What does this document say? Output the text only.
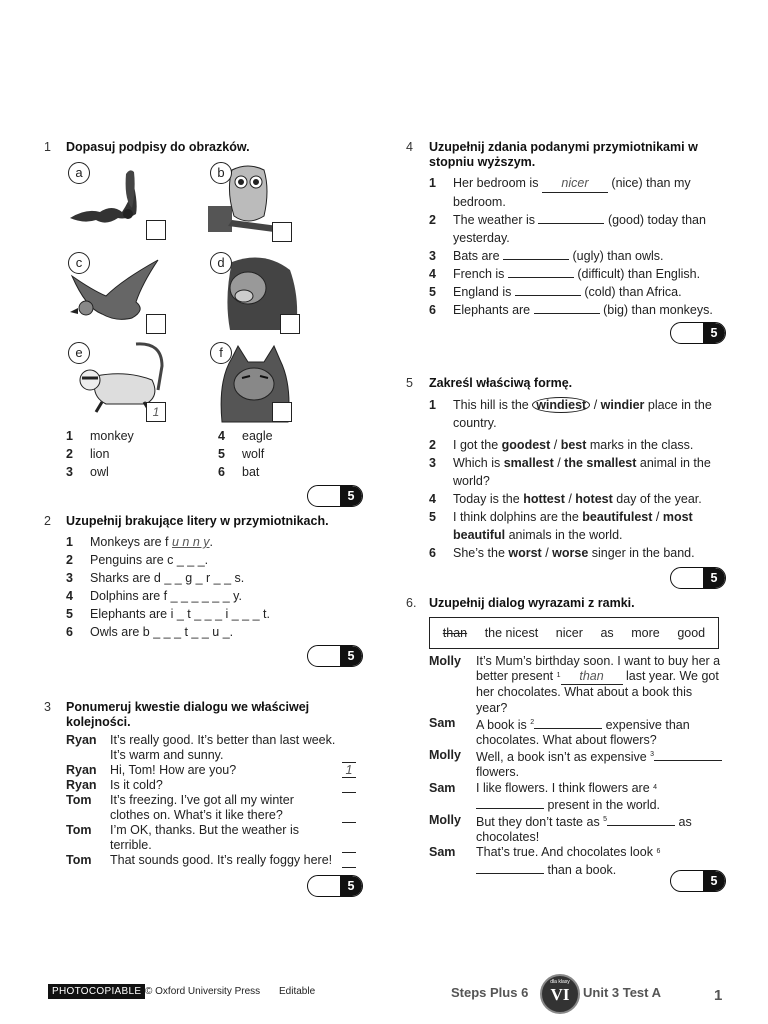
1 Dopasuj podpisy do obrazków.
a	b
c	d
e
1
f
1 monkey	4 eagle
2 lion	5 wolf
3 owl	6 bat
5
2 Uzupełnij brakujące litery w przymiotnikach.
1 Monkeys are f u n n y.
2 Penguins are c _ _ _.
3 Sharks are d _ _ g _ r _ _ s.
4 Dolphins are f _ _ _ _ _ _ y.
5 Elephants are i _ t _ _ _ i _ _ _ t.
6 Owls are b _ _ _ t _ _ u _.
5
3 Ponumeruj kwestie dialogu we właściwej kolejności.
Ryan It’s really good. It’s better than last week. It’s warm and sunny.
Ryan Hi, Tom! How are you?	1
Ryan Is it cold?
Tom It’s freezing. I’ve got all my winter clothes on. What’s it like there?
Tom I’m OK, thanks. But the weather is terrible.
Tom That sounds good. It’s really foggy here!
5
4 Uzupełnij zdania podanymi przymiotnikami w stopniu wyższym.
1 Her bedroom is nicer (nice) than my bedroom.
2 The weather is	(good) today than yesterday.
3 Bats are	(ugly) than owls.
4 French is	(difficult) than English.
5 England is	(cold) than Africa.
6 Elephants are	(big) than monkeys.
5
5 Zakreśl właściwą formę.
1 This hill is the windiest / windier place in the country.
2 I got the goodest / best marks in the class.
3 Which is smallest / the smallest animal in the world?
4 Today is the hottest / hotest day of the year.
5 I think dolphins are the beautifulest / most beautiful animals in the world.
6 She’s the worst / worse singer in the band.
5
6. Uzupełnij dialog wyrazami z ramki.
than the nicest nicer as more good
Molly It’s Mum’s birthday soon. I want to buy her a better present $^1$ than last year. We got her chocolates. What about a book this year?
Sam A book is $^2$	expensive than chocolates. What about flowers?
Molly Well, a book isn’t as expensive $^3$ flowers.
Sam I like flowers. I think flowers are $^4$ present in the world.
Molly But they don’t taste as $^5$	as chocolates!
Sam That’s true. And chocolates look $^6$ than a book.
5
PHOTOCOPIABLE © Oxford University Press Editable	Steps Plus 6
dla klasy
VI	Unit 3 Test A	1
